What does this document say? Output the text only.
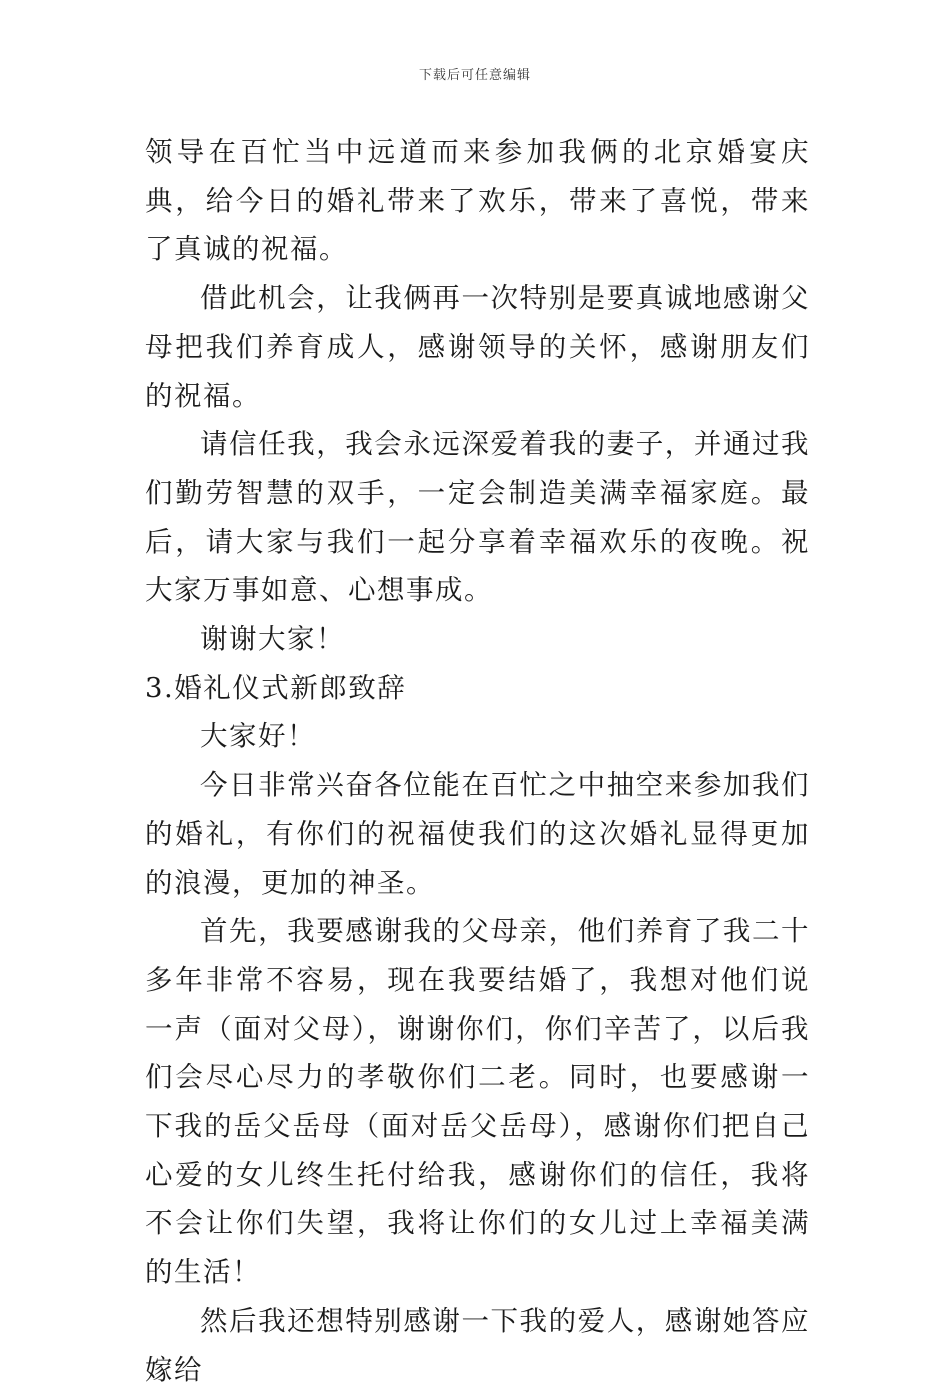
下载后可任意编辑

领导在百忙当中远道而来参加我俩的北京婚宴庆典，给今日的婚礼带来了欢乐，带来了喜悦，带来了真诚的祝福。

借此机会，让我俩再一次特别是要真诚地感谢父母把我们养育成人，感谢领导的关怀，感谢朋友们的祝福。

请信任我，我会永远深爱着我的妻子，并通过我们勤劳智慧的双手，一定会制造美满幸福家庭。最后，请大家与我们一起分享着幸福欢乐的夜晚。祝大家万事如意、心想事成。

谢谢大家！

3.婚礼仪式新郎致辞

大家好！

今日非常兴奋各位能在百忙之中抽空来参加我们的婚礼，有你们的祝福使我们的这次婚礼显得更加的浪漫，更加的神圣。

首先，我要感谢我的父母亲，他们养育了我二十多年非常不容易，现在我要结婚了，我想对他们说一声（面对父母），谢谢你们，你们辛苦了，以后我们会尽心尽力的孝敬你们二老。同时，也要感谢一下我的岳父岳母（面对岳父岳母），感谢你们把自己心爱的女儿终生托付给我，感谢你们的信任，我将不会让你们失望，我将让你们的女儿过上幸福美满的生活！

然后我还想特别感谢一下我的爱人，感谢她答应嫁给
